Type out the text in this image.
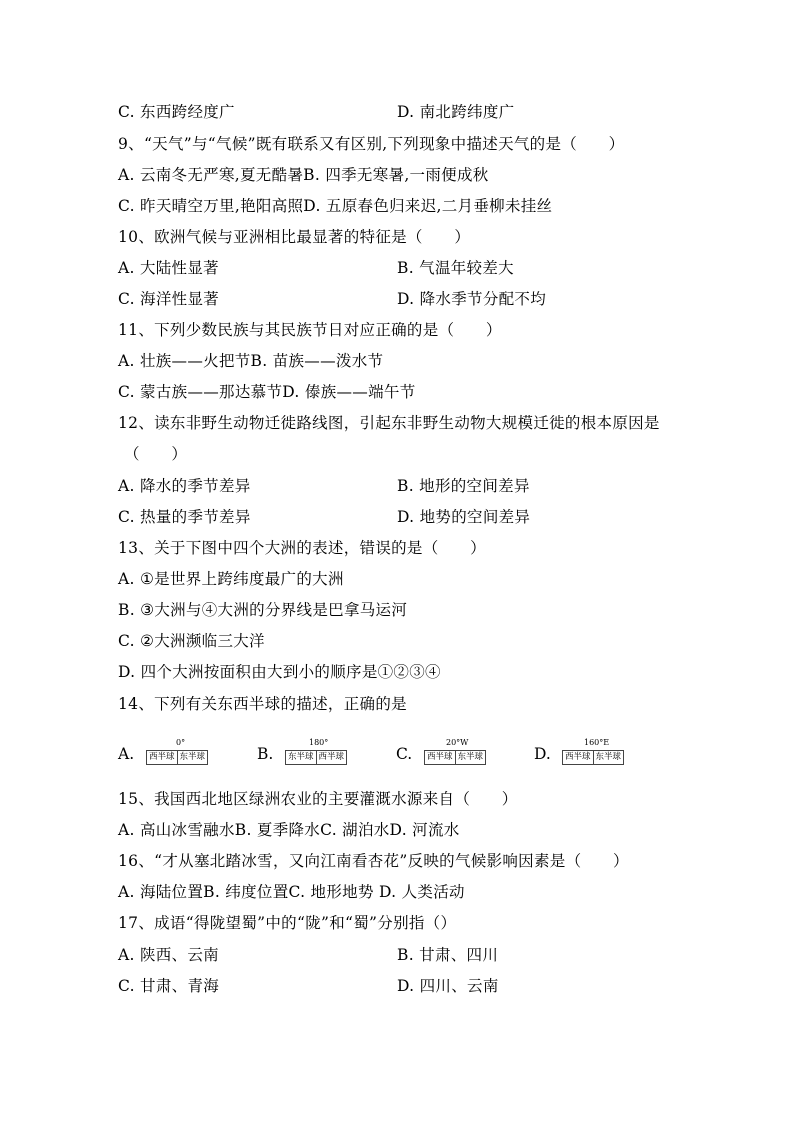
C. 东西跨经度广	D. 南北跨纬度广
9、“天气”与“气候”既有联系又有区别,下列现象中描述天气的是（　　）
A. 云南冬无严寒,夏无酷暑B. 四季无寒暑,一雨便成秋
C. 昨天晴空万里,艳阳高照D. 五原春色归来迟,二月垂柳未挂丝
10、欧洲气候与亚洲相比最显著的特征是（　　）
A. 大陆性显著	B. 气温年较差大
C. 海洋性显著	D. 降水季节分配不均
11、下列少数民族与其民族节日对应正确的是（　　）
A. 壮族——火把节B. 苗族——泼水节
C. 蒙古族——那达慕节D. 傣族——端午节
12、读东非野生动物迁徙路线图，引起东非野生动物大规模迁徙的根本原因是
（　　）
A. 降水的季节差异	B. 地形的空间差异
C. 热量的季节差异	D. 地势的空间差异
13、关于下图中四个大洲的表述，错误的是（　　）
A. ①是世界上跨纬度最广的大洲
B. ③大洲与④大洲的分界线是巴拿马运河
C. ②大洲濒临三大洋
D. 四个大洲按面积由大到小的顺序是①②③④
14、下列有关东西半球的描述，正确的是
A.
0°
西半球 东半球	B.
180°
东半球 西半球	C.
20°W
西半球 东半球	D.
160°E
西半球 东半球
15、我国西北地区绿洲农业的主要灌溉水源来自（　　）
A. 高山冰雪融水B. 夏季降水C. 湖泊水D. 河流水
16、“才从塞北踏冰雪，又向江南看杏花”反映的气候影响因素是（　　）
A. 海陆位置B. 纬度位置C. 地形地势 D. 人类活动
17、成语“得陇望蜀”中的“陇”和“蜀”分别指（）
A. 陕西、云南	B. 甘肃、四川
C. 甘肃、青海	D. 四川、云南
